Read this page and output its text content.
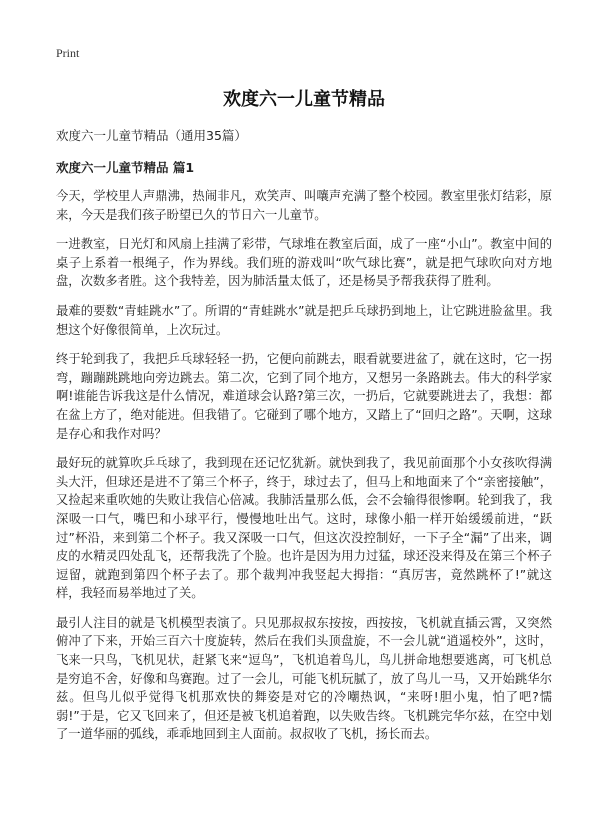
Print

欢度六一儿童节精品

欢度六一儿童节精品（通用35篇）

欢度六一儿童节精品 篇1

今天，学校里人声鼎沸，热闹非凡，欢笑声、叫嚷声充满了整个校园。教室里张灯结彩，原来，今天是我们孩子盼望已久的节日六一儿童节。

一进教室，日光灯和风扇上挂满了彩带，气球堆在教室后面，成了一座“小山”。教室中间的桌子上系着一根绳子，作为界线。我们班的游戏叫“吹气球比赛”，就是把气球吹向对方地盘，次数多者胜。这个我特差，因为肺活量太低了，还是杨昊予帮我获得了胜利。

最难的要数“青蛙跳水”了。所谓的“青蛙跳水”就是把乒乓球扔到地上，让它跳进脸盆里。我想这个好像很简单，上次玩过。

终于轮到我了，我把乒乓球轻轻一扔，它便向前跳去，眼看就要进盆了，就在这时，它一拐弯，蹦蹦跳跳地向旁边跳去。第二次，它到了同个地方，又想另一条路跳去。伟大的科学家啊!谁能告诉我这是什么情况，难道球会认路?第三次，一扔后，它就要跳进去了，我想：都在盆上方了，绝对能进。但我错了。它碰到了哪个地方，又踏上了“回归之路”。天啊，这球是存心和我作对吗？

最好玩的就算吹乒乓球了，我到现在还记忆犹新。就快到我了，我见前面那个小女孩吹得满头大汗，但球还是进不了第三个杯子，终于，球过去了，但马上和地面来了个“亲密接触”，又捡起来重吹她的失败让我信心倍减。我肺活量那么低，会不会输得很惨啊。轮到我了，我深吸一口气，嘴巴和小球平行，慢慢地吐出气。这时，球像小船一样开始缓缓前进，“跃过”杯沿，来到第二个杯子。我又深吸一口气，但这次没控制好，一下子全“漏”了出来，调皮的水精灵四处乱飞，还帮我洗了个脸。也许是因为用力过猛，球还没来得及在第三个杯子逗留，就跑到第四个杯子去了。那个裁判冲我竖起大拇指：“真厉害，竟然跳杯了!”就这样，我轻而易举地过了关。

最引人注目的就是飞机模型表演了。只见那叔叔东按按，西按按，飞机就直插云霄，又突然俯冲了下来，开始三百六十度旋转，然后在我们头顶盘旋，不一会儿就“逍遥校外”，这时，飞来一只鸟，飞机见状，赶紧飞来“逗鸟”，飞机追着鸟儿，鸟儿拼命地想要逃离，可飞机总是穷追不舍，好像和鸟赛跑。过了一会儿，可能飞机玩腻了，放了鸟儿一马，又开始跳华尔兹。但鸟儿似乎觉得飞机那欢快的舞姿是对它的冷嘲热讽，“来呀!胆小鬼，怕了吧?懦弱!”于是，它又飞回来了，但还是被飞机追着跑，以失败告终。飞机跳完华尔兹，在空中划了一道华丽的弧线，乖乖地回到主人面前。叔叔收了飞机，扬长而去。
